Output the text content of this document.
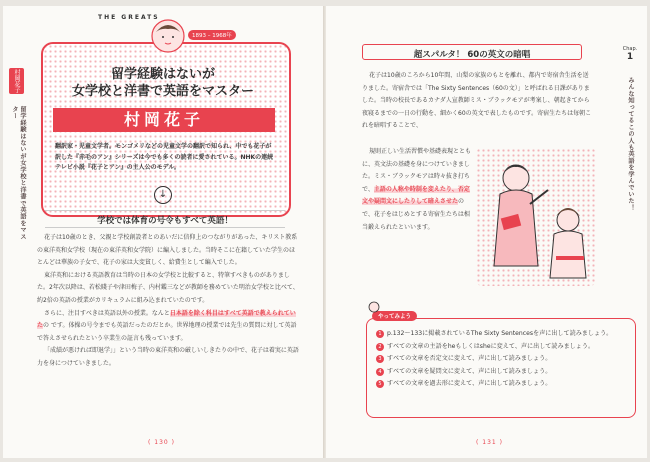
村岡花子
留学経験はないが女学校と洋書で英語をマスター
THE GREATS
1893 – 1968年
留学経験はないが
女学校と洋書で英語をマスター
村岡花子
翻訳家・児童文学者。モンゴメリなどの児童文学の翻訳で知られ、中でも花子が訳した『赤毛のアン』シリーズは今でも多くの読者に愛されている。NHKの連続テレビ小説『花子とアン』の主人公のモデル。
↓
学校では体育の号令もすべて英語！

花子は10歳のとき、父親と学校創設者とのあいだに信仰上のつながりがあった、キリスト教系の東洋英和女学校（現在の東洋英和女学院）に編入しました。当時そこに在籍していた学生のほとんどは華族の子女で、花子の家は大変貧しく、給費生として編入でした。

東洋英和における英語教育は当時の日本の女学校と比較すると、特筆すべきものがありました。2年次以降は、若松賤子や津田梅子、内村鑑三などが教師を務めていた明治女学校と比べて、約2倍の英語の授業がカリキュラムに組み込まれていたのです。

さらに、注目すべきは英語以外の授業。なんと日本語を除く科目はすべて英語で教えられていたの です。体操の号令までも英語だったのだとか。世界地理の授業では先生の質問に対して英語で答えさせられたという卒業生の証言も残っています。

「成績が悪ければ即退学」」という当時の東洋英和の厳しいしきたりの中で、花子は着実に英語力を身につけていきました。

( 130 )
超スパルタ！ 60の英文の暗唱

花子は10歳のころから10年間、山梨の家族のもとを離れ、都内で寄宿舎生活を送りました。寄宿舎では「The Sixty Sentences（60の文）」と呼ばれる日課がありました。当時の校長であるカナダ人宣教師ミス・ブラックモアが考案し、朝起きてから夜寝るまでの一日の行動を、細かく60の英文で表したものです。寄宿生たちは毎朝これを暗唱することで、

規則正しい生活習慣や基礎表現とともに、英文法の基礎を身につけていきました。ミス・ブラックモアは時々抜き打ちで、主語の人称や時制を変えたり、否定文や疑問文にしたりして暗えさせたので、花子をはじめとする寄宿生たちは相当鍛えられたといいます。

やってみよう
1 p.132〜133に掲載されているThe Sixty Sentencesを声に出して読みましょう。
2 すべての文章の主語をheもしくはsheに変えて、声に出して読みましょう。
3 すべての文章を否定文に変えて、声に出して読みましょう。
4 すべての文章を疑問文に変えて、声に出して読みましょう。
5 すべての文章を過去形に変えて、声に出して読みましょう。
Chap.
1
みんな知ってるこの人も英語を学んでいた！
( 131 )
